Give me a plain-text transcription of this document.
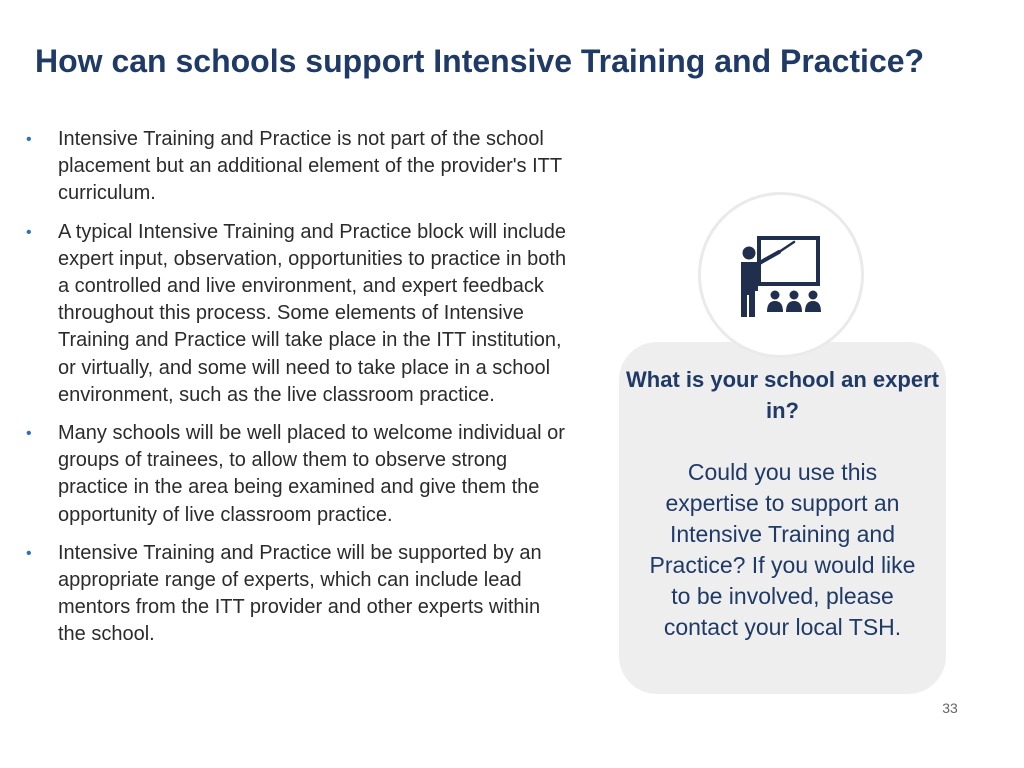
How can schools support Intensive Training and Practice?
• Intensive Training and Practice is not part of the school placement but an additional element of the provider's ITT curriculum.
• A typical Intensive Training and Practice block will include expert input, observation, opportunities to practice in both a controlled and live environment, and expert feedback throughout this process. Some elements of Intensive Training and Practice will take place in the ITT institution, or virtually, and some will need to take place in a school environment, such as the live classroom practice.
• Many schools will be well placed to welcome individual or groups of trainees, to allow them to observe strong practice in the area being examined and give them the opportunity of live classroom practice.
• Intensive Training and Practice will be supported by an appropriate range of experts, which can include lead mentors from the ITT provider and other experts within the school.

What is your school an expert in?

Could you use this expertise to support an Intensive Training and Practice? If you would like to be involved, please contact your local TSH.

33
